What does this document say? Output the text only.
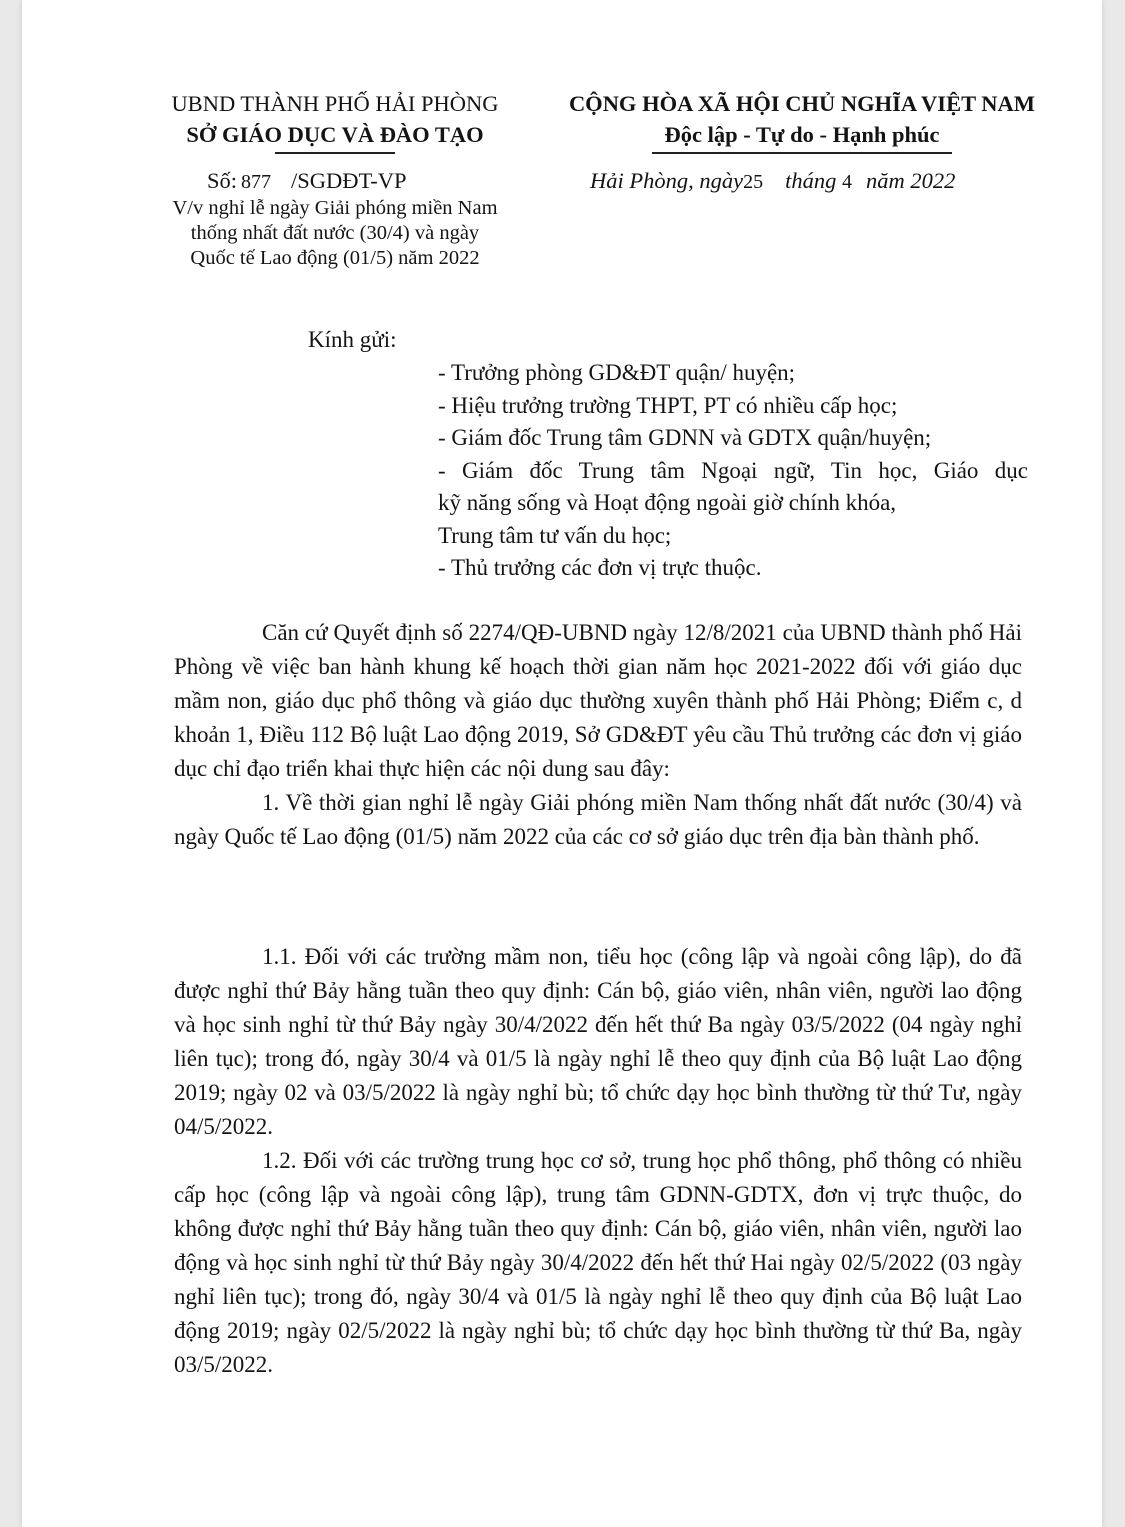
UBND THÀNH PHỐ HẢI PHÒNG
SỞ GIÁO DỤC VÀ ĐÀO TẠO
CỘNG HÒA XÃ HỘI CHỦ NGHĨA VIỆT NAM
Độc lập - Tự do - Hạnh phúc
Số: 877 /SGDĐT-VP	Hải Phòng, ngày25 tháng 4 năm 2022
V/v nghỉ lễ ngày Giải phóng miền Nam
thống nhất đất nước (30/4) và ngày
Quốc tế Lao động (01/5) năm 2022
Kính gửi:
- Trưởng phòng GD&ĐT quận/ huyện;
- Hiệu trưởng trường THPT, PT có nhiều cấp học;
- Giám đốc Trung tâm GDNN và GDTX quận/huyện;
- Giám đốc Trung tâm Ngoại ngữ, Tin học, Giáo dục
kỹ năng sống và Hoạt động ngoài giờ chính khóa,
Trung tâm tư vấn du học;
- Thủ trưởng các đơn vị trực thuộc.

Căn cứ Quyết định số 2274/QĐ-UBND ngày 12/8/2021 của UBND thành phố Hải Phòng về việc ban hành khung kế hoạch thời gian năm học 2021-2022 đối với giáo dục mầm non, giáo dục phổ thông và giáo dục thường xuyên thành phố Hải Phòng; Điểm c, d khoản 1, Điều 112 Bộ luật Lao động 2019, Sở GD&ĐT yêu cầu Thủ trưởng các đơn vị giáo dục chỉ đạo triển khai thực hiện các nội dung sau đây:

1. Về thời gian nghỉ lễ ngày Giải phóng miền Nam thống nhất đất nước (30/4) và ngày Quốc tế Lao động (01/5) năm 2022 của các cơ sở giáo dục trên địa bàn thành phố.

1.1. Đối với các trường mầm non, tiểu học (công lập và ngoài công lập), do đã được nghỉ thứ Bảy hằng tuần theo quy định: Cán bộ, giáo viên, nhân viên, người lao động và học sinh nghỉ từ thứ Bảy ngày 30/4/2022 đến hết thứ Ba ngày 03/5/2022 (04 ngày nghỉ liên tục); trong đó, ngày 30/4 và 01/5 là ngày nghỉ lễ theo quy định của Bộ luật Lao động 2019; ngày 02 và 03/5/2022 là ngày nghỉ bù; tổ chức dạy học bình thường từ thứ Tư, ngày 04/5/2022.

1.2. Đối với các trường trung học cơ sở, trung học phổ thông, phổ thông có nhiều cấp học (công lập và ngoài công lập), trung tâm GDNN-GDTX, đơn vị trực thuộc, do không được nghỉ thứ Bảy hằng tuần theo quy định: Cán bộ, giáo viên, nhân viên, người lao động và học sinh nghỉ từ thứ Bảy ngày 30/4/2022 đến hết thứ Hai ngày 02/5/2022 (03 ngày nghỉ liên tục); trong đó, ngày 30/4 và 01/5 là ngày nghỉ lễ theo quy định của Bộ luật Lao động 2019; ngày 02/5/2022 là ngày nghỉ bù; tổ chức dạy học bình thường từ thứ Ba, ngày 03/5/2022.
